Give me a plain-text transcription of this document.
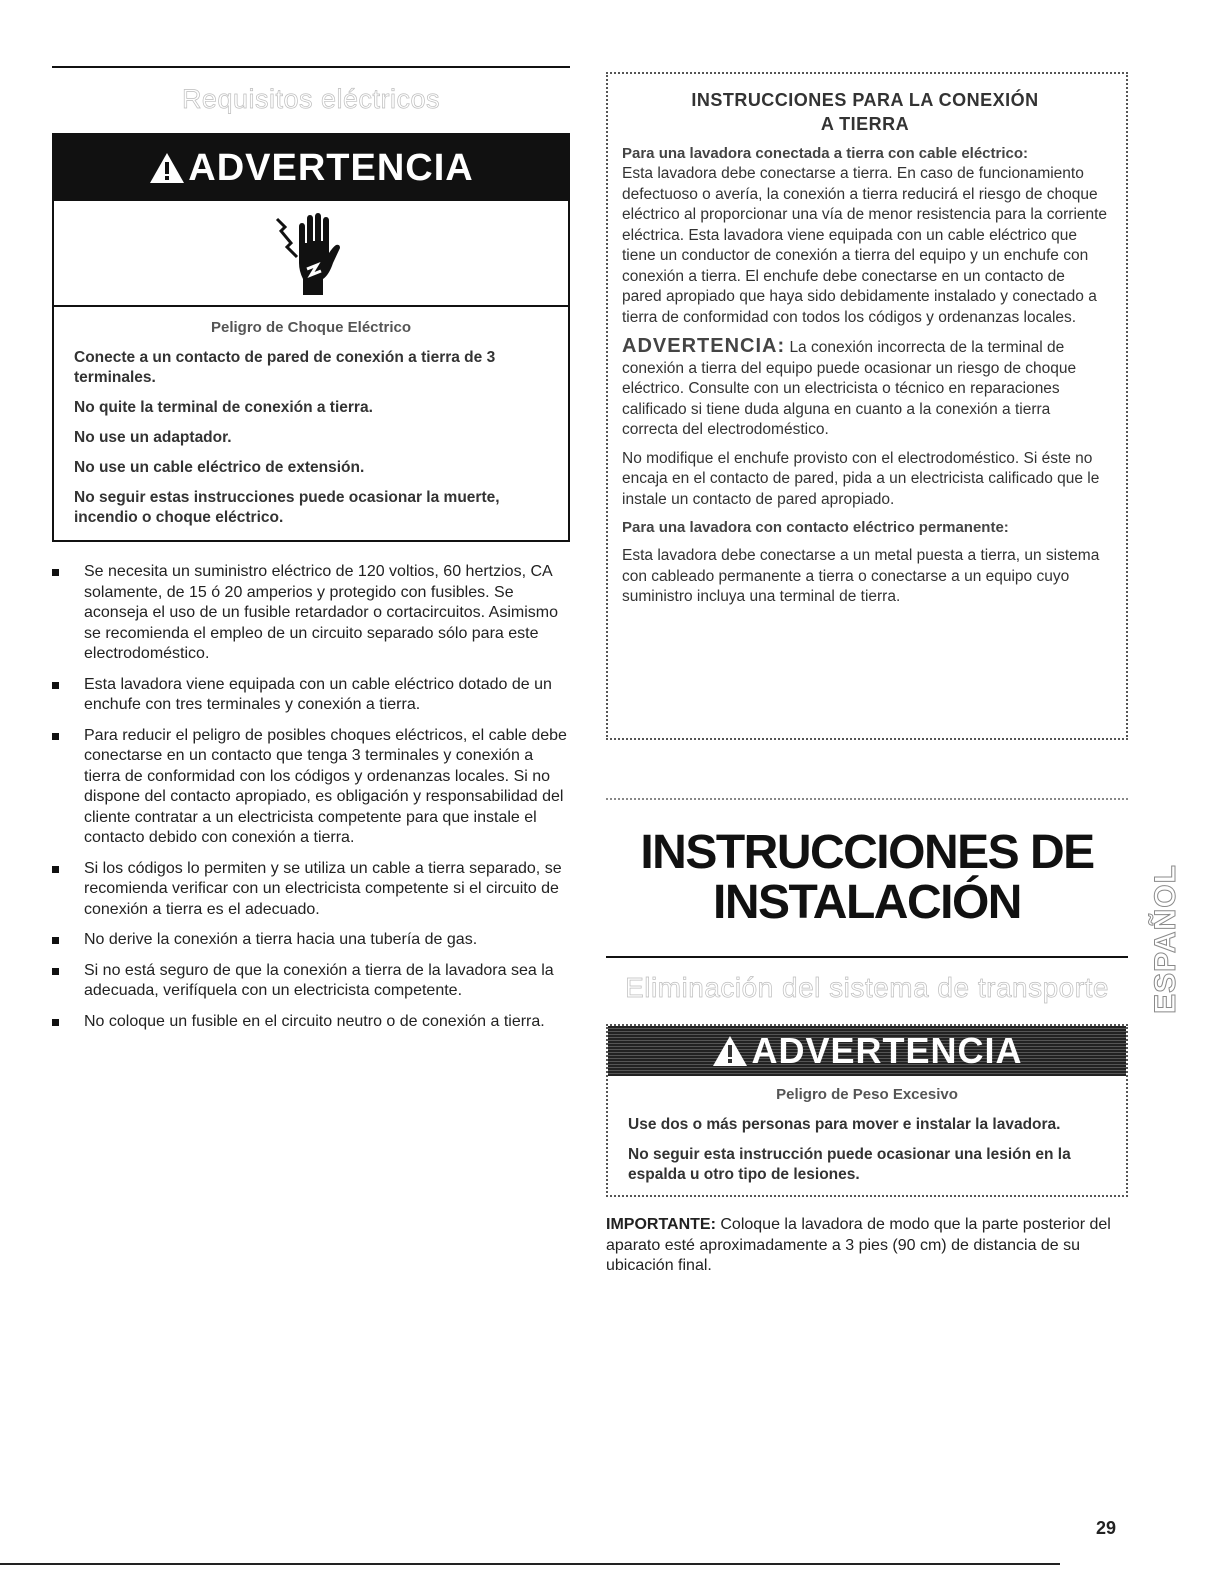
Requisitos eléctricos
ADVERTENCIA
Peligro de Choque Eléctrico

Conecte a un contacto de pared de conexión a tierra de 3 terminales.

No quite la terminal de conexión a tierra.

No use un adaptador.

No use un cable eléctrico de extensión.

No seguir estas instrucciones puede ocasionar la muerte, incendio o choque eléctrico.

Se necesita un suministro eléctrico de 120 voltios, 60 hertzios, CA solamente, de 15 ó 20 amperios y protegido con fusibles. Se aconseja el uso de un fusible retardador o cortacircuitos. Asimismo se recomienda el empleo de un circuito separado sólo para este electrodoméstico.
Esta lavadora viene equipada con un cable eléctrico dotado de un enchufe con tres terminales y conexión a tierra.
Para reducir el peligro de posibles choques eléctricos, el cable debe conectarse en un contacto que tenga 3 terminales y conexión a tierra de conformidad con los códigos y ordenanzas locales. Si no dispone del contacto apropiado, es obligación y responsabilidad del cliente contratar a un electricista competente para que instale el contacto debido con conexión a tierra.
Si los códigos lo permiten y se utiliza un cable a tierra separado, se recomienda verificar con un electricista competente si el circuito de conexión a tierra es el adecuado.
No derive la conexión a tierra hacia una tubería de gas.
Si no está seguro de que la conexión a tierra de la lavadora sea la adecuada, verifíquela con un electricista competente.
No coloque un fusible en el circuito neutro o de conexión a tierra.
INSTRUCCIONES PARA LA CONEXIÓN
A TIERRA

Para una lavadora conectada a tierra con cable eléctrico:

Esta lavadora debe conectarse a tierra. En caso de funcionamiento defectuoso o avería, la conexión a tierra reducirá el riesgo de choque eléctrico al proporcionar una vía de menor resistencia para la corriente eléctrica. Esta lavadora viene equipada con un cable eléctrico que tiene un conductor de conexión a tierra del equipo y un enchufe con conexión a tierra. El enchufe debe conectarse en un contacto de pared apropiado que haya sido debidamente instalado y conectado a tierra de conformidad con todos los códigos y ordenanzas locales.

ADVERTENCIA: La conexión incorrecta de la terminal de conexión a tierra del equipo puede ocasionar un riesgo de choque eléctrico. Consulte con un electricista o técnico en reparaciones calificado si tiene duda alguna en cuanto a la conexión a tierra correcta del electrodoméstico.

No modifique el enchufe provisto con el electrodoméstico. Si éste no encaja en el contacto de pared, pida a un electricista calificado que le instale un contacto de pared apropiado.

Para una lavadora con contacto eléctrico permanente:

Esta lavadora debe conectarse a un metal puesta a tierra, un sistema con cableado permanente a tierra o conectarse a un equipo cuyo suministro incluya una terminal de tierra.

INSTRUCCIONES DE
INSTALACIÓN
Eliminación del sistema de transporte
ADVERTENCIA
Peligro de Peso Excesivo

Use dos o más personas para mover e instalar la lavadora.

No seguir esta instrucción puede ocasionar una lesión en la espalda u otro tipo de lesiones.

IMPORTANTE: Coloque la lavadora de modo que la parte posterior del aparato esté aproximadamente a 3 pies (90 cm) de distancia de su ubicación final.
ESPAÑOL
29
